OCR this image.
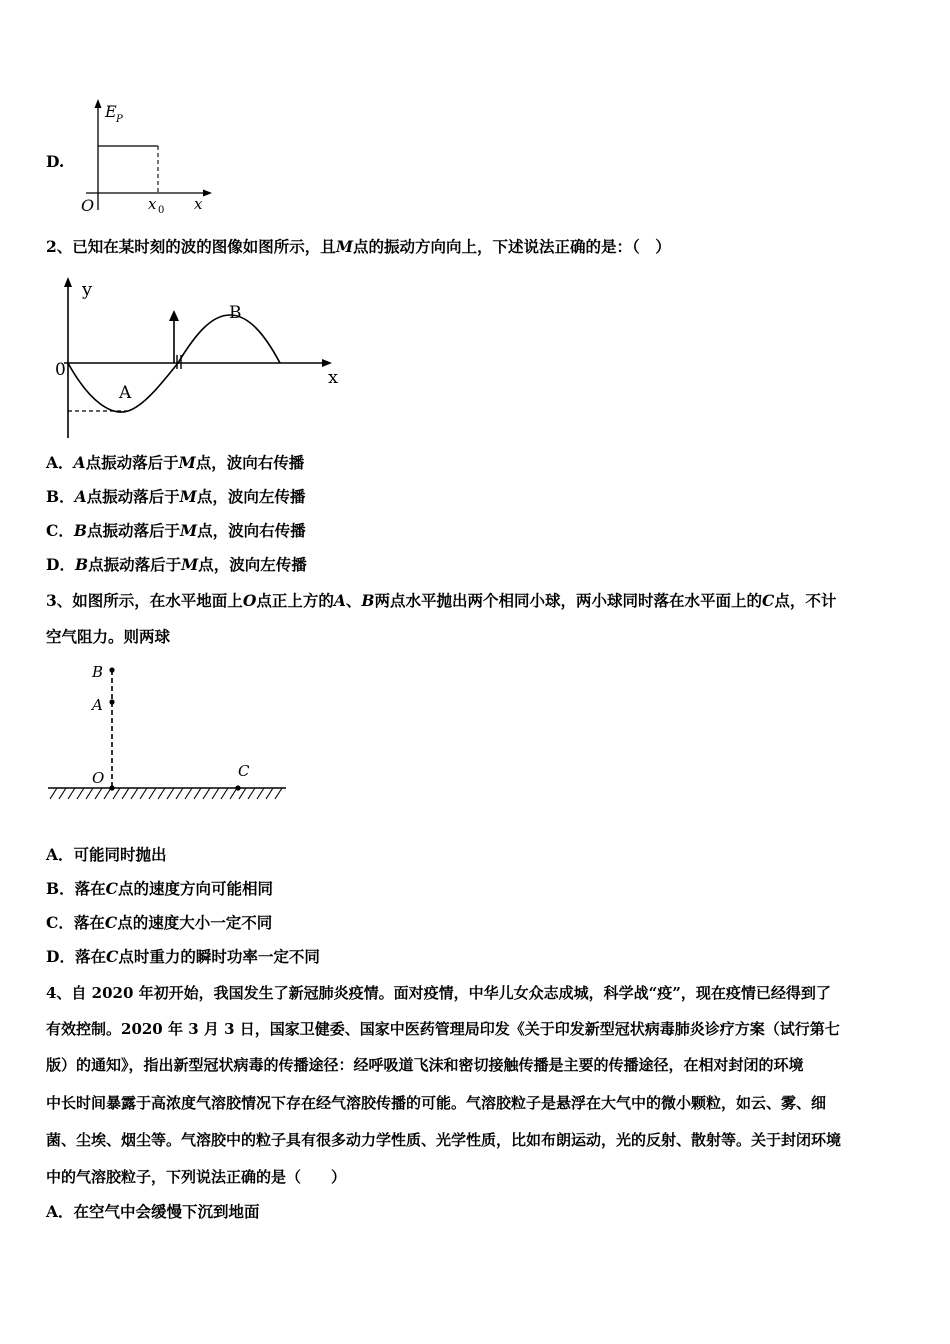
D.
E P
O	x 0 x
2、已知在某时刻的波的图像如图所示，且M点的振动方向向上，下述说法正确的是：（　）
y
x
0
A
B
M
A．A点振动落后于M点，波向右传播
B．A点振动落后于M点，波向左传播
C．B点振动落后于M点，波向右传播
D．B点振动落后于M点，波向左传播
3、如图所示，在水平地面上O点正上方的A、B两点水平抛出两个相同小球，两小球同时落在水平面上的C点，不计
空气阻力。则两球
B
A
O	C
A．可能同时抛出
B．落在C点的速度方向可能相同
C．落在C点的速度大小一定不同
D．落在C点时重力的瞬时功率一定不同
4、自 2020 年初开始，我国发生了新冠肺炎疫情。面对疫情，中华儿女众志成城，科学战“疫”，现在疫情已经得到了
有效控制。2020 年 3 月 3 日，国家卫健委、国家中医药管理局印发《关于印发新型冠状病毒肺炎诊疗方案（试行第七
版）的通知》，指出新型冠状病毒的传播途径：经呼吸道飞沫和密切接触传播是主要的传播途径，在相对封闭的环境
中长时间暴露于高浓度气溶胶情况下存在经气溶胶传播的可能。气溶胶粒子是悬浮在大气中的微小颗粒，如云、雾、细
菌、尘埃、烟尘等。气溶胶中的粒子具有很多动力学性质、光学性质，比如布朗运动，光的反射、散射等。关于封闭环境
中的气溶胶粒子，下列说法正确的是（　　）
A．在空气中会缓慢下沉到地面
